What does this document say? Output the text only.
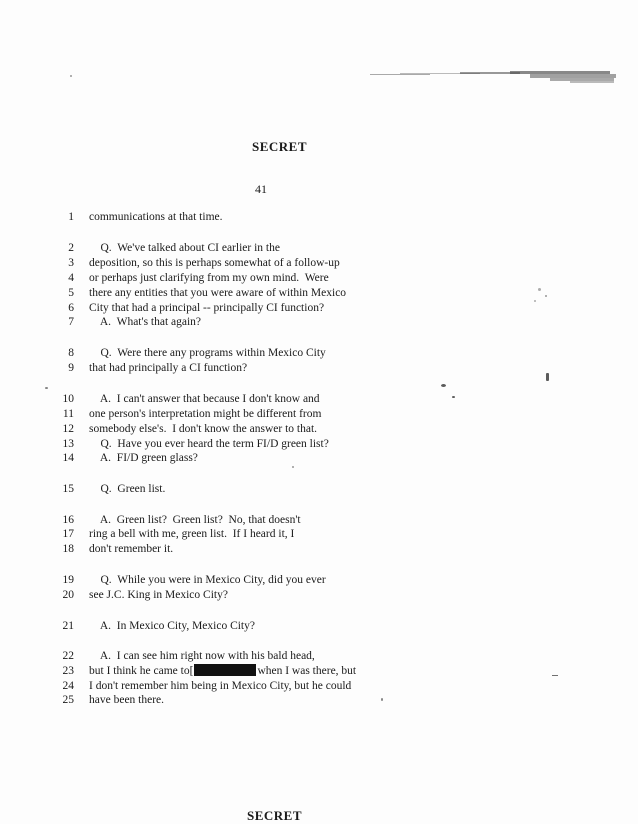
SECRET
41
1 communications at that time.
2 Q.  We've talked about CI earlier in the
3 deposition, so this is perhaps somewhat of a follow-up
4 or perhaps just clarifying from my own mind.  Were
5 there any entities that you were aware of within Mexico
6 City that had a principal -- principally CI function?
7 A.  What's that again?
8 Q.  Were there any programs within Mexico City
9 that had principally a CI function?
10 A.  I can't answer that because I don't know and
11 one person's interpretation might be different from
12 somebody else's.  I don't know the answer to that.
13 Q.  Have you ever heard the term FI/D green list?
14 A.  FI/D green glass?
15 Q.  Green list.
16 A.  Green list?  Green list?  No, that doesn't
17 ring a bell with me, green list.  If I heard it, I
18 don't remember it.
19 Q.  While you were in Mexico City, did you ever
20 see J.C. King in Mexico City?
21 A.  In Mexico City, Mexico City?
22 A.  I can see him right now with his bald head,
23 but I think he came to[	when I was there, but
24 I don't remember him being in Mexico City, but he could
25 have been there.
SECRET
